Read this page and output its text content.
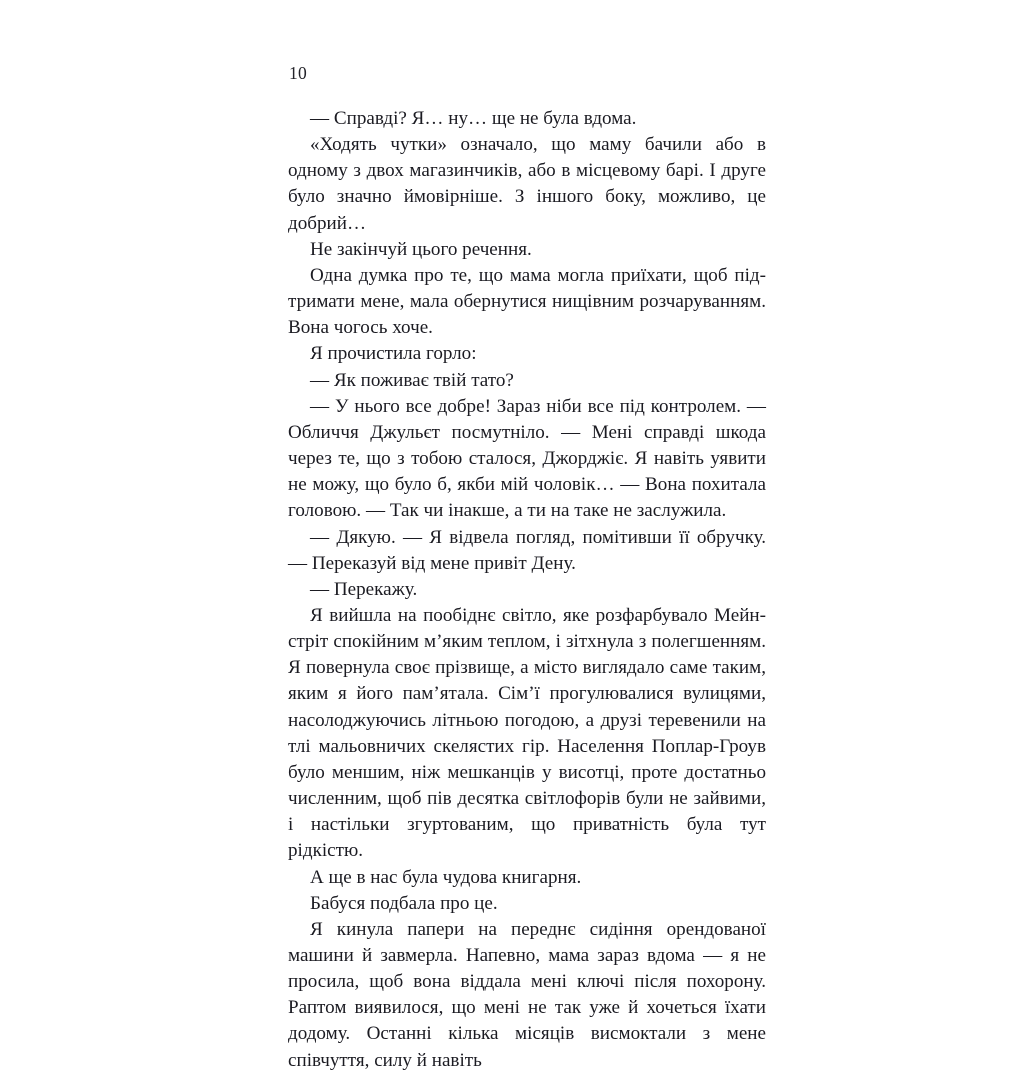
10

— Справді? Я… ну… ще не була вдома.

«Ходять чутки» означало, що маму бачили або в одному з двох магазинчиків, або в місцевому барі. І друге було значно ймовірніше. З іншого боку, можливо, це добрий…

Не закінчуй цього речення.

Одна думка про те, що мама могла приїхати, щоб підтримати мене, мала обернутися нищівним розчаруванням. Вона чогось хоче.

Я прочистила горло:

— Як поживає твій тато?

— У нього все добре! Зараз ніби все під контролем. — Обличчя Джульєт посмутніло. — Мені справді шкода через те, що з тобою сталося, Джорджіє. Я навіть уявити не можу, що було б, якби мій чоловік… — Вона похитала головою. — Так чи інакше, а ти на таке не заслужила.

— Дякую. — Я відвела погляд, помітивши її обручку. — Переказуй від мене привіт Дену.

— Перекажу.

Я вийшла на пообіднє світло, яке розфарбувало Мейн-стріт спокійним м’яким теплом, і зітхнула з полегшенням. Я повернула своє прізвище, а місто виглядало саме таким, яким я його пам’ятала. Сім’ї прогулювалися вулицями, насолоджуючись літньою погодою, а друзі теревенили на тлі мальовничих скелястих гір. Населення Поплар-Гроув було меншим, ніж мешканців у висотці, проте достатньо численним, щоб пів десятка світлофорів були не зайвими, і настільки згуртованим, що приватність була тут рідкістю.

А ще в нас була чудова книгарня.

Бабуся подбала про це.

Я кинула папери на переднє сидіння орендованої машини й завмерла. Напевно, мама зараз вдома — я не просила, щоб вона віддала мені ключі після похорону. Раптом виявилося, що мені не так уже й хочеться їхати додому. Останні кілька місяців висмоктали з мене співчуття, силу й навіть
